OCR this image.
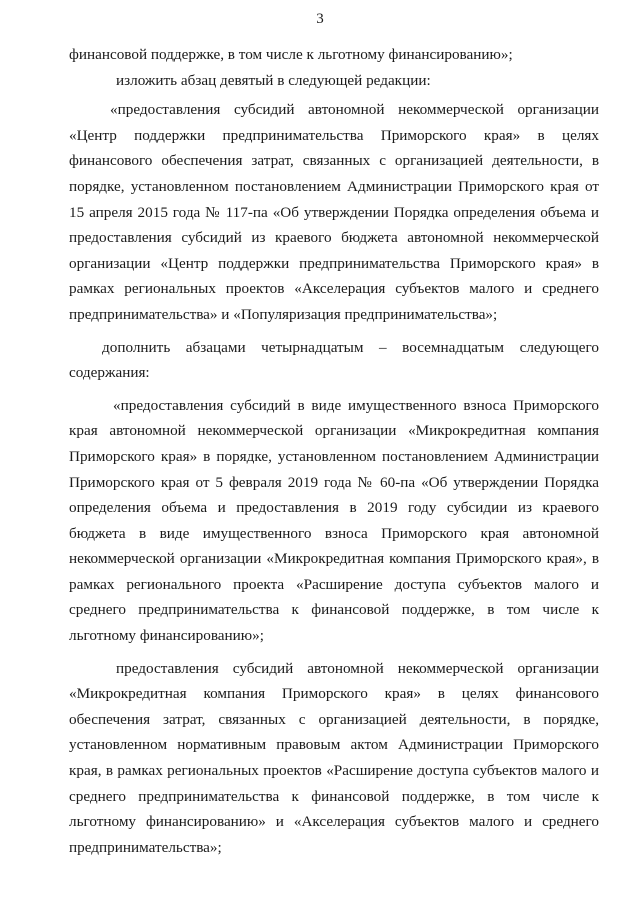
3

финансовой поддержке, в том числе к льготному финансированию»;

изложить абзац девятый в следующей редакции:

«предоставления субсидий автономной некоммерческой организации «Центр поддержки предпринимательства Приморского края» в целях финансового обеспечения затрат, связанных с организацией деятельности, в порядке, установленном постановлением Администрации Приморского края от 15 апреля 2015 года № 117-па «Об утверждении Порядка определения объема и предоставления субсидий из краевого бюджета автономной некоммерческой организации «Центр поддержки предпринимательства Приморского края» в рамках региональных проектов «Акселерация субъектов малого и среднего предпринимательства» и «Популяризация предпринимательства»;

дополнить абзацами четырнадцатым – восемнадцатым следующего содержания:

«предоставления субсидий в виде имущественного взноса Приморского края автономной некоммерческой организации «Микрокредитная компания Приморского края» в порядке, установленном постановлением Администрации Приморского края от 5 февраля 2019 года № 60-па «Об утверждении Порядка определения объема и предоставления в 2019 году субсидии из краевого бюджета в виде имущественного взноса Приморского края автономной некоммерческой организации «Микрокредитная компания Приморского края», в рамках регионального проекта «Расширение доступа субъектов малого и среднего предпринимательства к финансовой поддержке, в том числе к льготному финансированию»;

предоставления субсидий автономной некоммерческой организации «Микрокредитная компания Приморского края» в целях финансового обеспечения затрат, связанных с организацией деятельности, в порядке, установленном нормативным правовым актом Администрации Приморского края, в рамках региональных проектов «Расширение доступа субъектов малого и среднего предпринимательства к финансовой поддержке, в том числе к льготному финансированию» и «Акселерация субъектов малого и среднего предпринимательства»;
